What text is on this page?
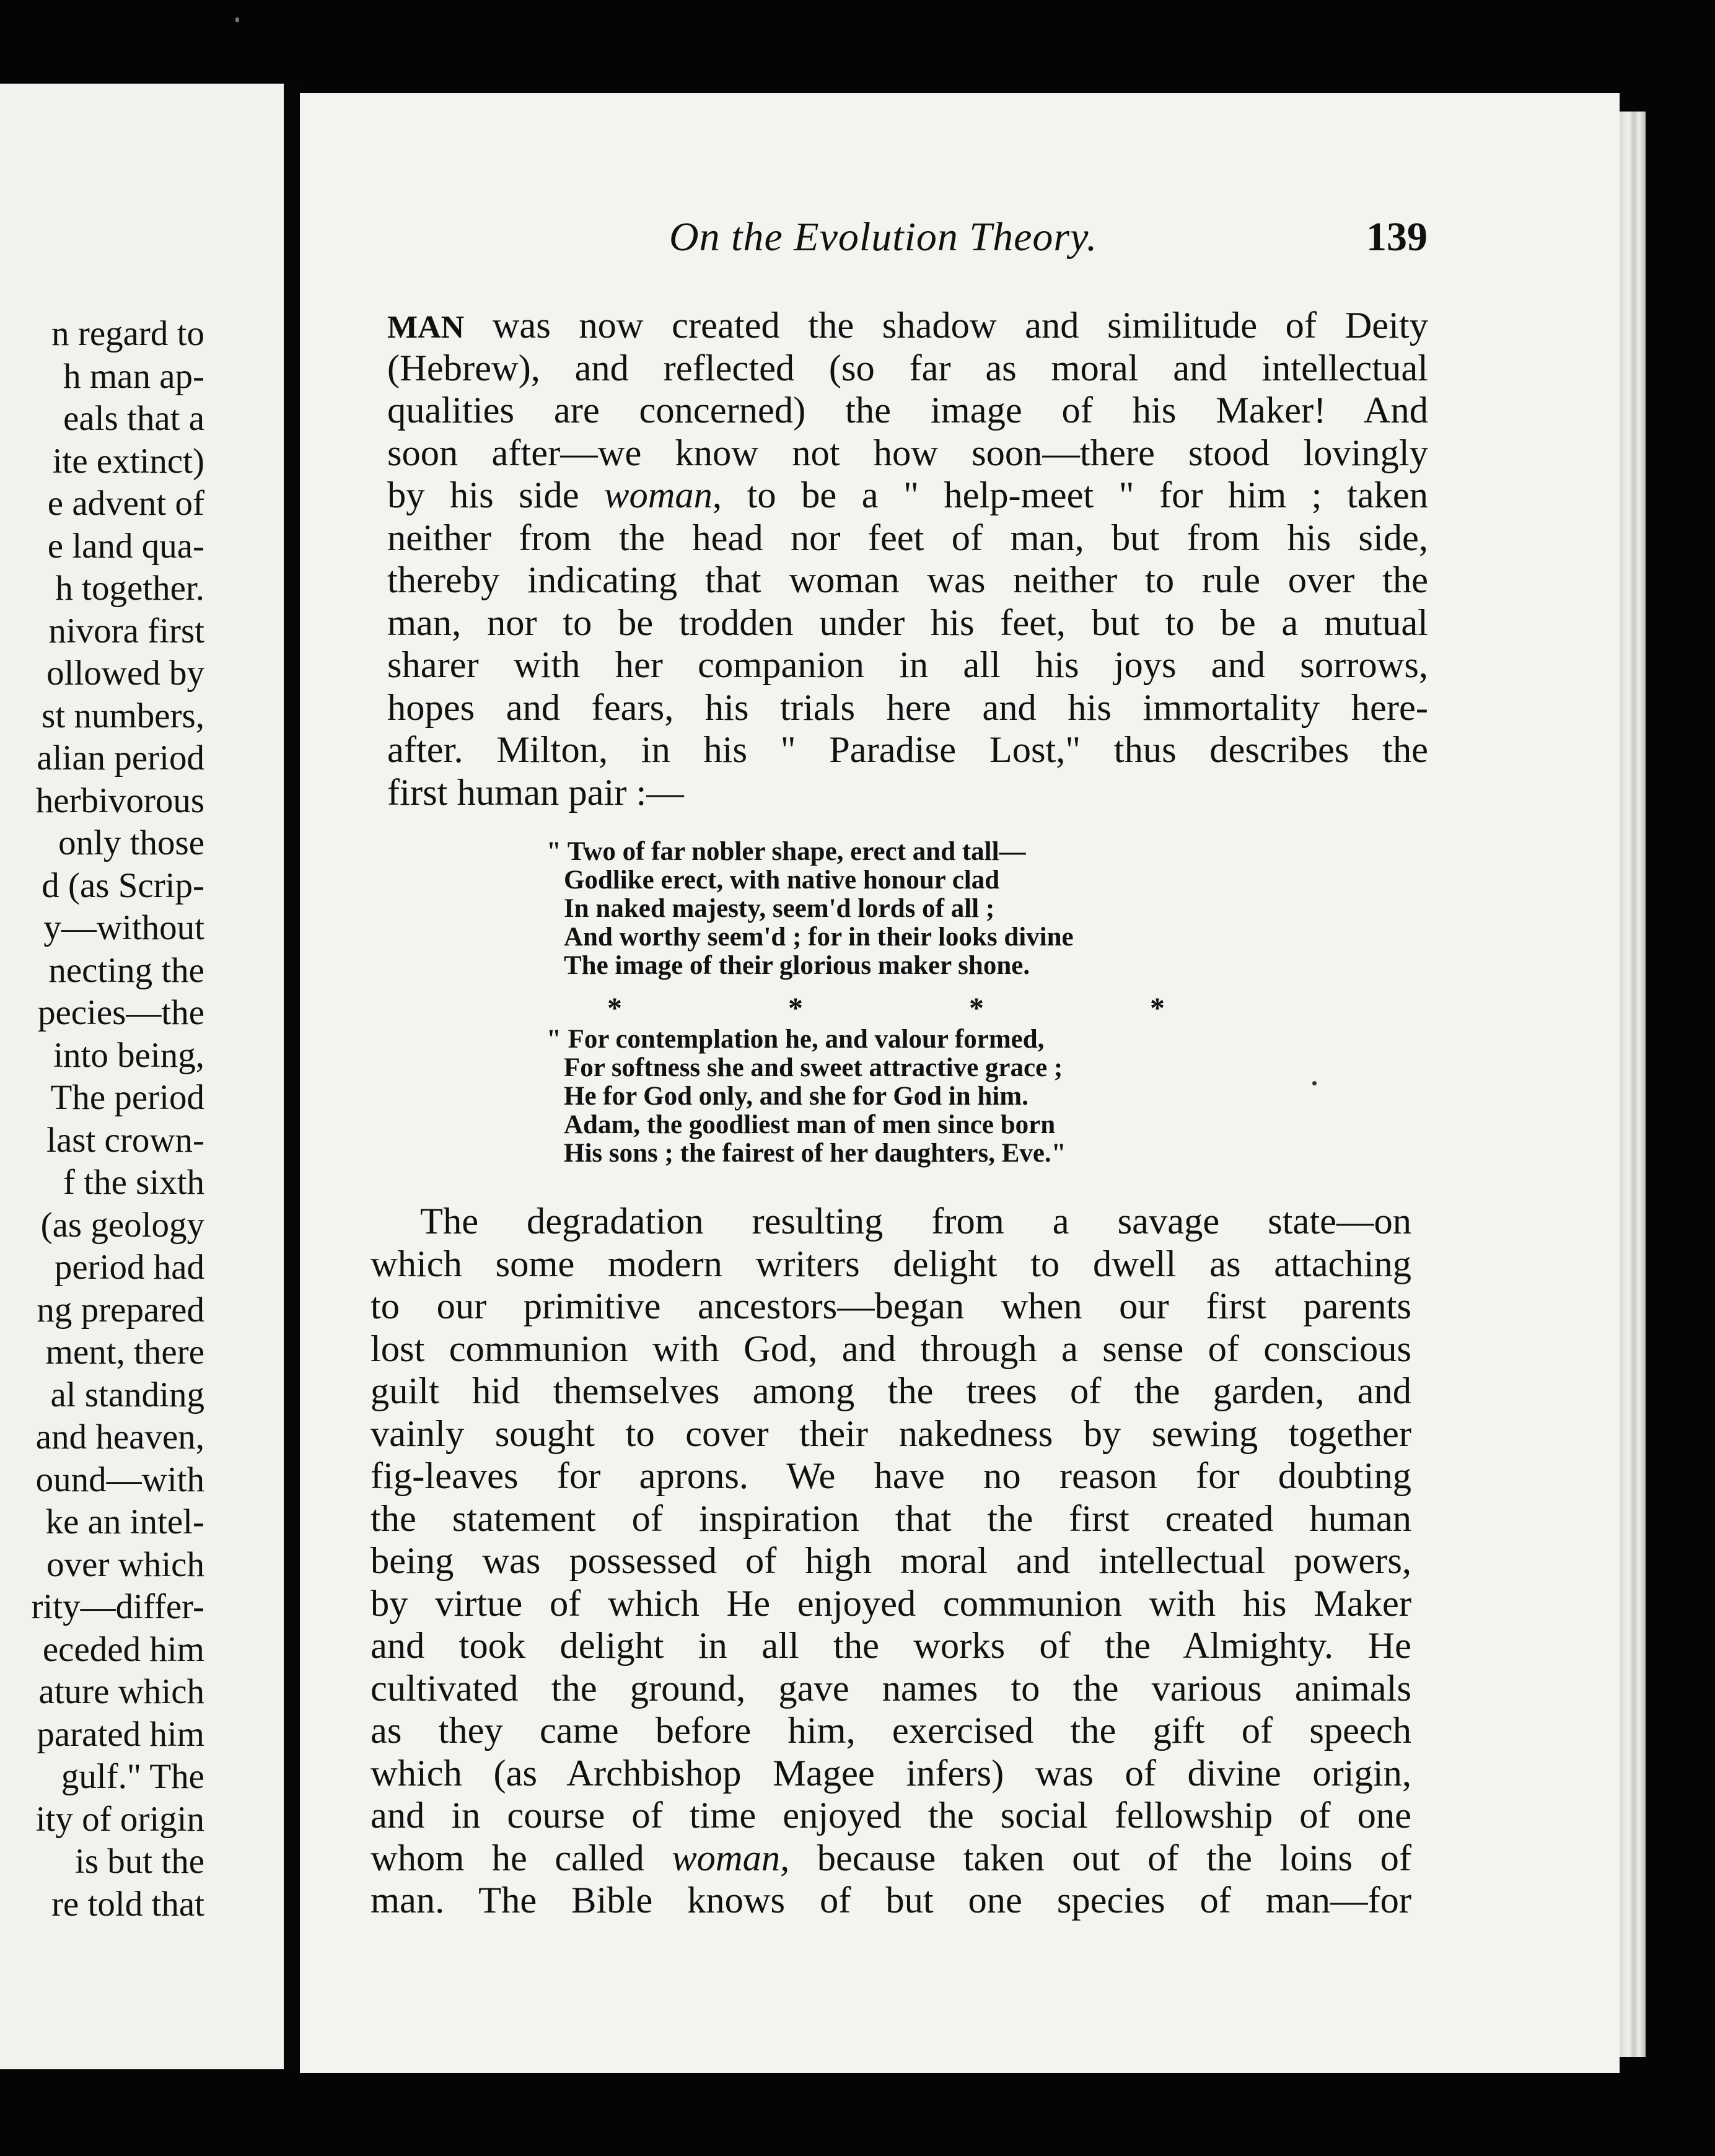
n regard to
h man ap-
eals that a
ite extinct)
e advent of
e land qua-
h together.
nivora first
ollowed by
st numbers,
alian period
herbivorous
only those
d (as Scrip-
y—without
necting the
pecies—the
into being,
The period
last crown-
f the sixth
(as geology
period had
ng prepared
ment, there
al standing
and heaven,
ound—with
ke an intel-
over which
rity—differ-
eceded him
ature which
parated him
gulf." The
ity of origin
is but the
re told that
On the Evolution Theory.	139
MAN was now created the shadow and similitude of Deity
(Hebrew), and reflected (so far as moral and intellectual
qualities are concerned) the image of his Maker! And
soon after—we know not how soon—there stood lovingly
by his side woman, to be a " help-meet " for him ; taken
neither from the head nor feet of man, but from his side,
thereby indicating that woman was neither to rule over the
man, nor to be trodden under his feet, but to be a mutual
sharer with her companion in all his joys and sorrows,
hopes and fears, his trials here and his immortality here-
after. Milton, in his " Paradise Lost," thus describes the
first human pair :—
" Two of far nobler shape, erect and tall—
Godlike erect, with native honour clad
In naked majesty, seem'd lords of all ;
And worthy seem'd ; for in their looks divine
The image of their glorious maker shone.
*	*	*	*
" For contemplation he, and valour formed,
For softness she and sweet attractive grace ;
He for God only, and she for God in him.
Adam, the goodliest man of men since born
His sons ; the fairest of her daughters, Eve."
The degradation resulting from a savage state—on
which some modern writers delight to dwell as attaching
to our primitive ancestors—began when our first parents
lost communion with God, and through a sense of conscious
guilt hid themselves among the trees of the garden, and
vainly sought to cover their nakedness by sewing together
fig-leaves for aprons. We have no reason for doubting
the statement of inspiration that the first created human
being was possessed of high moral and intellectual powers,
by virtue of which He enjoyed communion with his Maker
and took delight in all the works of the Almighty. He
cultivated the ground, gave names to the various animals
as they came before him, exercised the gift of speech
which (as Archbishop Magee infers) was of divine origin,
and in course of time enjoyed the social fellowship of one
whom he called woman, because taken out of the loins of
man. The Bible knows of but one species of man—for
